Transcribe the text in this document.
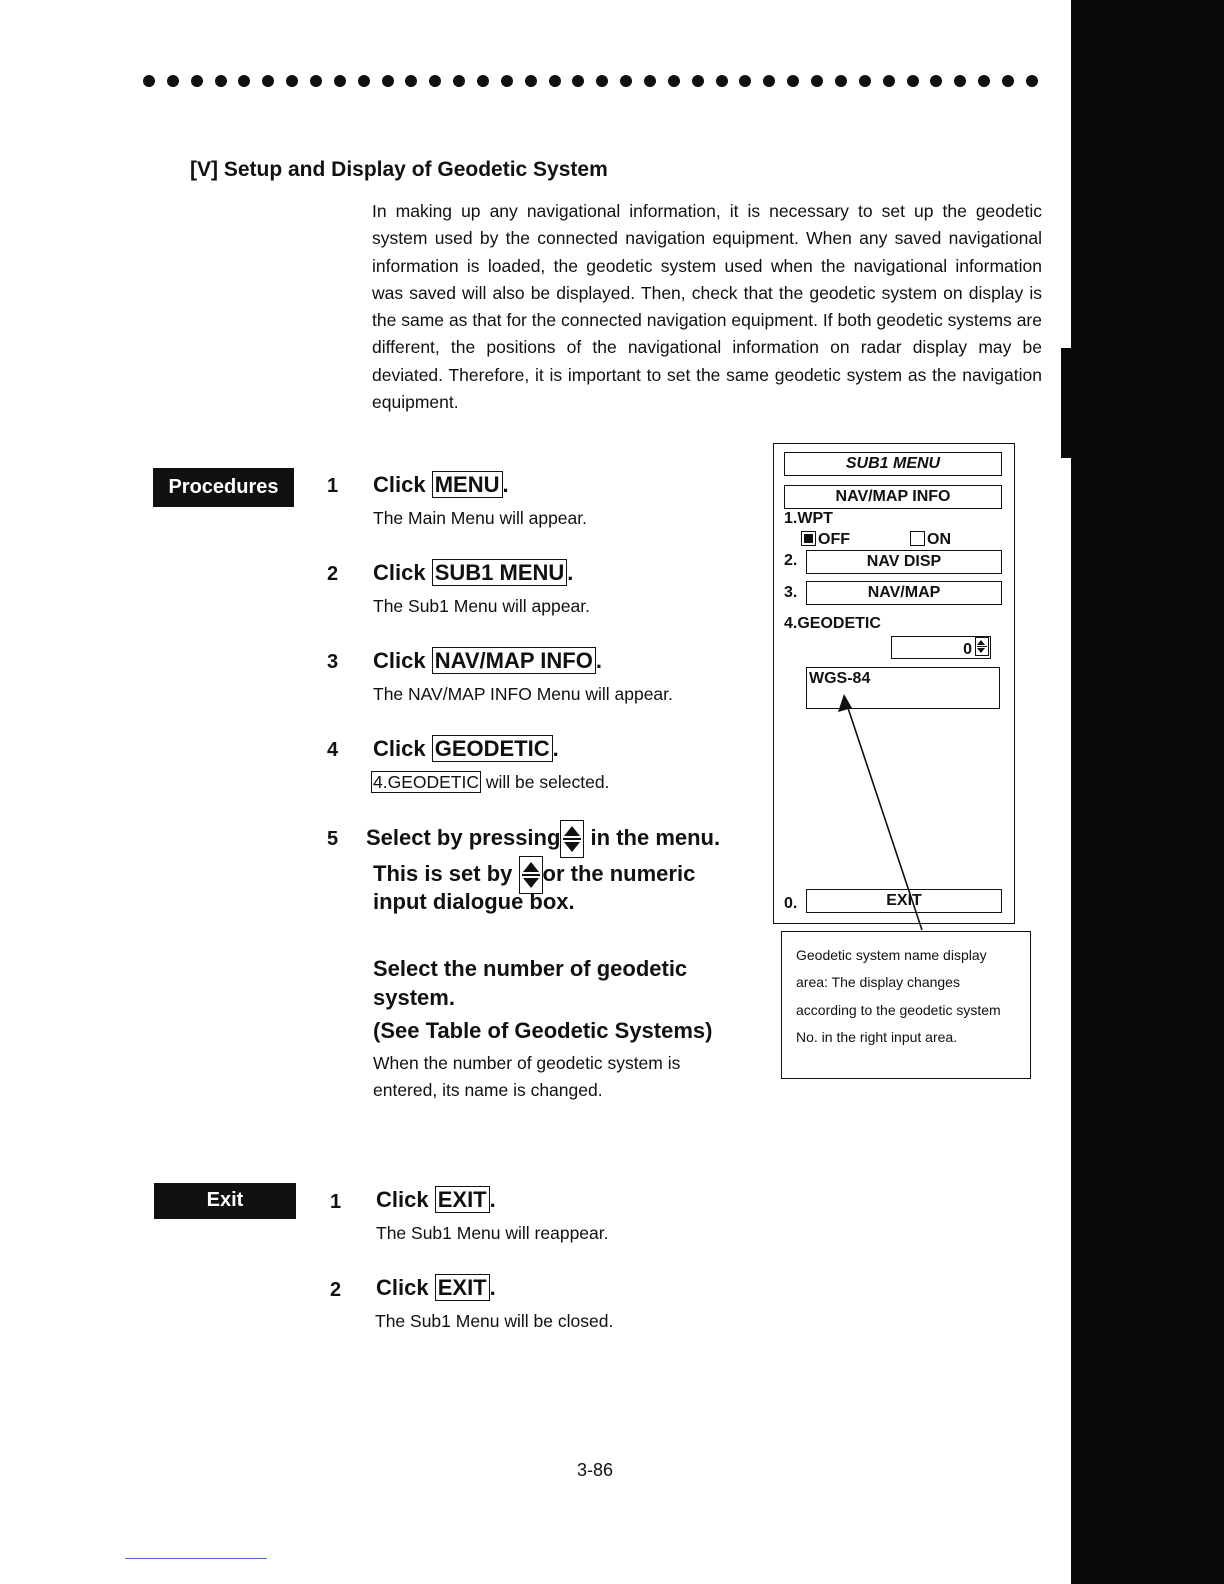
[V] Setup and Display of Geodetic System
In making up any navigational information, it is necessary to set up the geodetic system used by the connected navigation equipment. When any saved navigational information is loaded, the geodetic system used when the navigational information was saved will also be displayed. Then, check that the geodetic system on display is the same as that for the connected navigation equipment. If both geodetic systems are different, the positions of the navigational information on radar display may be deviated. Therefore, it is important to set the same geodetic system as the navigation equipment.
Procedures	1 Click MENU .
The Main Menu will appear.
2 Click SUB1 MENU .
The Sub1 Menu will appear.
3 Click NAV/MAP INFO .
The NAV/MAP INFO Menu will appear.
4 Click GEODETIC .
4.GEODETIC will be selected.
5 Select by pressing in the menu.
This is set by or the numeric
input dialogue box.
Select the number of geodetic
system.
(See Table of Geodetic Systems)
When the number of geodetic system is
entered, its name is changed.
SUB1 MENU
NAV/MAP INFO
1.WPT
OFF	ON
2.	NAV DISP
3.	NAV/MAP
4.GEODETIC
0
WGS-84
0.	EXIT
Geodetic system name display area: The display changes according to the geodetic system No. in the right input area.
Exit	1 Click EXIT .
The Sub1 Menu will reappear.
2 Click EXIT .
The Sub1 Menu will be closed.
3-86
